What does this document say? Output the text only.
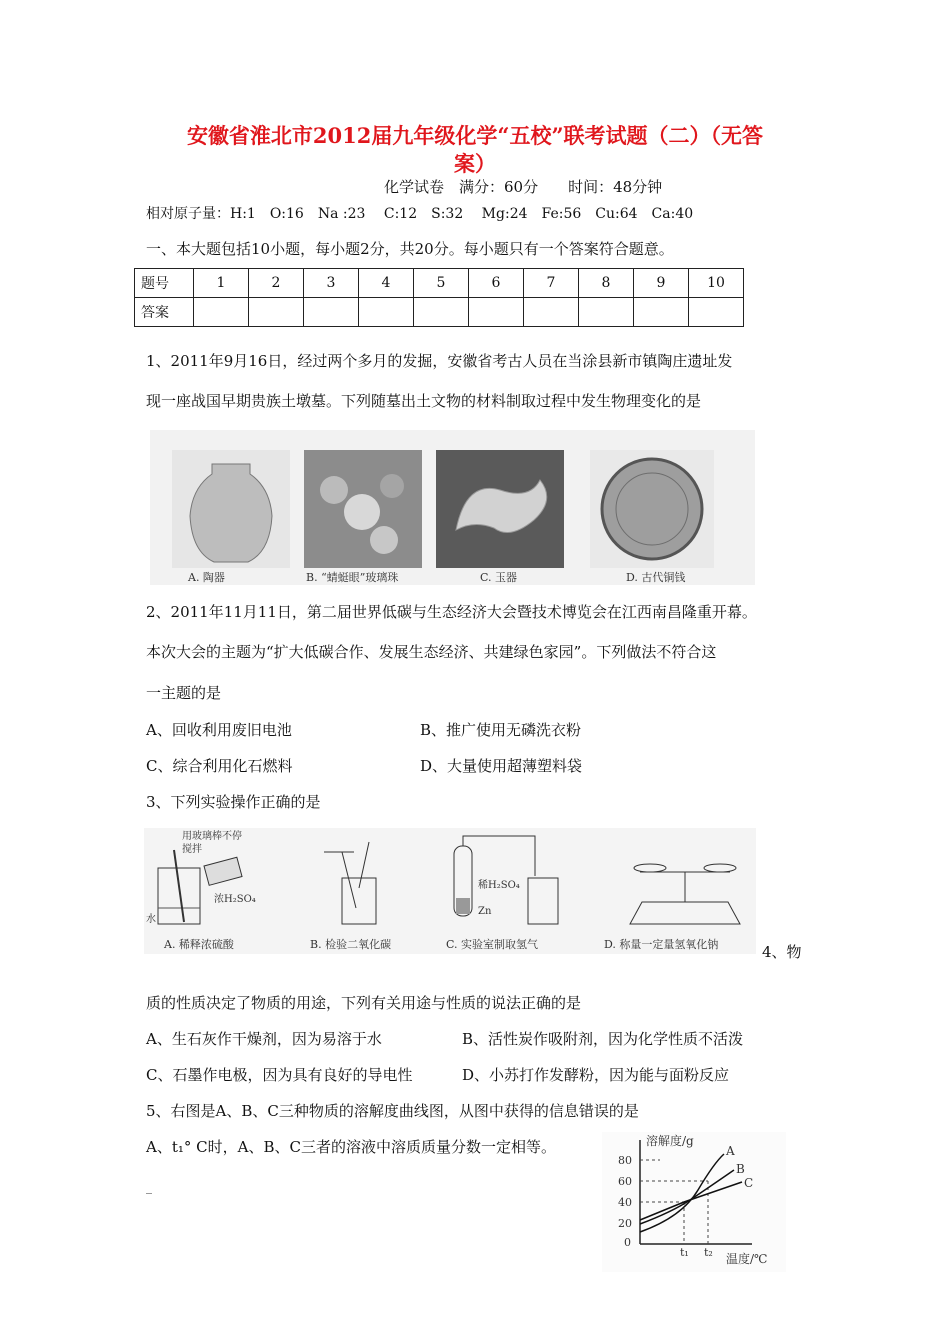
安徽省淮北市2012届九年级化学“五校”联考试题（二）（无答
案）
化学试卷　满分：60分　　时间：48分钟
相对原子量：H:1　O:16　Na :23　 C:12　S:32　 Mg:24　Fe:56　Cu:64　Ca:40
一、本大题包括10小题，每小题2分，共20分。每小题只有一个答案符合题意。
题号	1	2	3	4	5	6	7	8	9	10
答案										
1、2011年9月16日，经过两个多月的发掘，安徽省考古人员在当涂县新市镇陶庄遗址发
现一座战国早期贵族土墩墓。下列随墓出土文物的材料制取过程中发生物理变化的是
A. 陶器	B. “蜻蜓眼”玻璃珠	C. 玉器	D. 古代铜钱
2、2011年11月11日，第二届世界低碳与生态经济大会暨技术博览会在江西南昌隆重开幕。
本次大会的主题为“扩大低碳合作、发展生态经济、共建绿色家园”。下列做法不符合这
一主题的是
A、回收利用废旧电池	B、推广使用无磷洗衣粉
C、综合利用化石燃料	D、大量使用超薄塑料袋
3、下列实验操作正确的是
用玻璃棒不停搅拌
浓H₂SO₄
水
稀H₂SO₄
Zn
A. 稀释浓硫酸	B. 检验二氧化碳	C. 实验室制取氢气	D. 称量一定量氢氧化钠	4、物
质的性质决定了物质的用途，下列有关用途与性质的说法正确的是
A、生石灰作干燥剂，因为易溶于水	B、活性炭作吸附剂，因为化学性质不活泼
C、石墨作电极，因为具有良好的导电性	D、小苏打作发酵粉，因为能与面粉反应
5、右图是A、B、C三种物质的溶解度曲线图，从图中获得的信息错误的是
A、t₁° C时，A、B、C三者的溶液中溶质质量分数一定相等。	溶解度/g
80
60
40
20
0
t₁ t₂ 温度/℃
A
B
C
